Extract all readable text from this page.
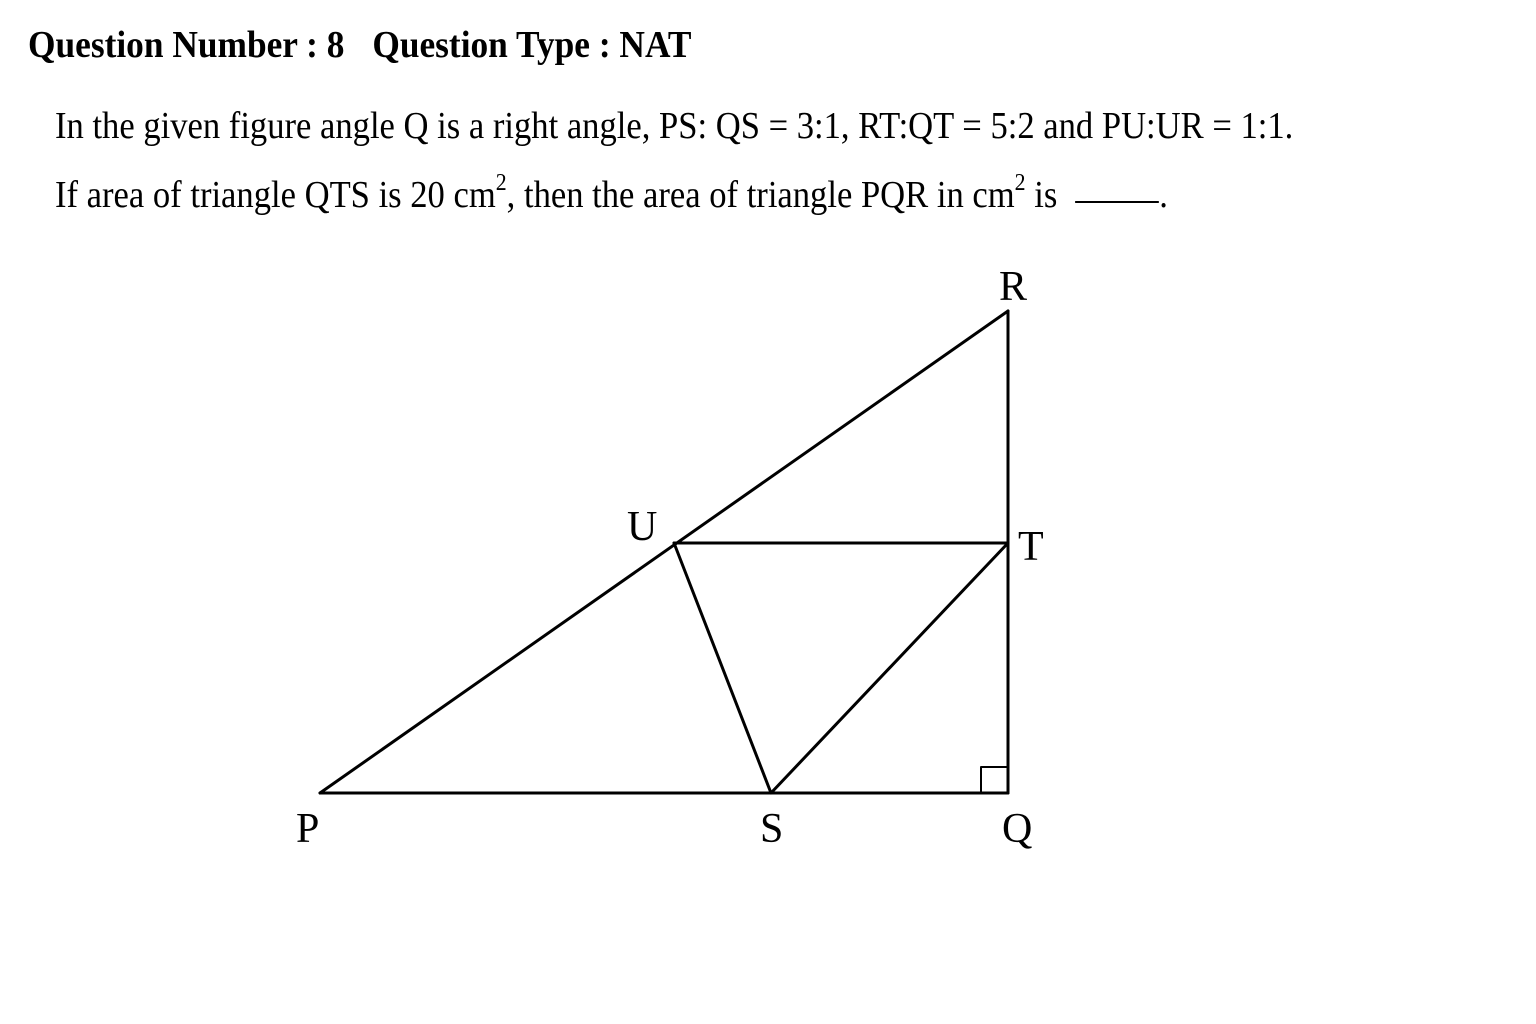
Question Number : 8 Question Type : NAT
In the given figure angle Q is a right angle, PS: QS = 3:1, RT:QT = 5:2 and PU:UR = 1:1.
If area of triangle QTS is 20 $cm^2$, then the area of triangle PQR in $cm^2$ is	.
R
U	T
P	S	Q
